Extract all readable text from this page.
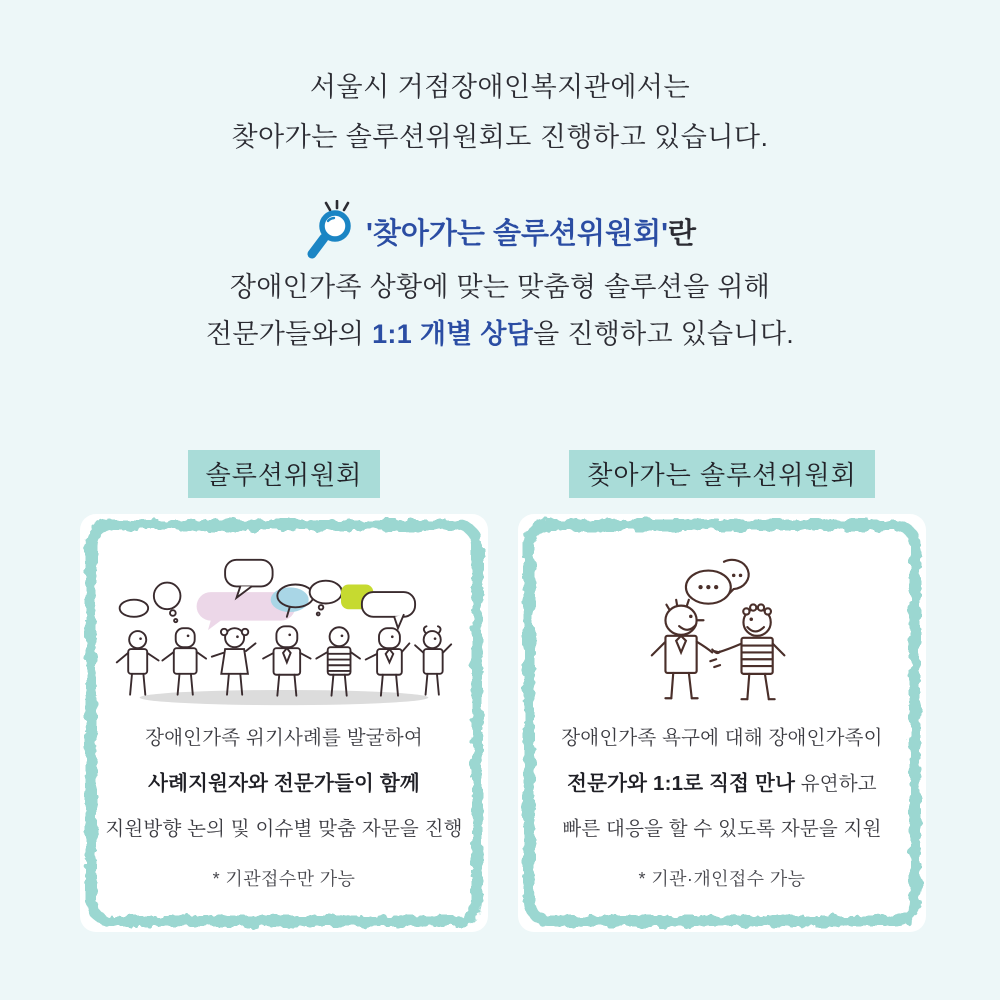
서울시 거점장애인복지관에서는
찾아가는 솔루션위원회도 진행하고 있습니다.
'찾아가는 솔루션위원회'란
장애인가족 상황에 맞는 맞춤형 솔루션을 위해
전문가들와의 1:1 개별 상담을 진행하고 있습니다.
솔루션위원회

장애인가족 위기사례를 발굴하여

사례지원자와 전문가들이 함께

지원방향 논의 및 이슈별 맞춤 자문을 진행

* 기관접수만 가능

찾아가는 솔루션위원회

장애인가족 욕구에 대해 장애인가족이

전문가와 1:1로 직접 만나 유연하고

빠른 대응을 할 수 있도록 자문을 지원

* 기관·개인접수 가능
